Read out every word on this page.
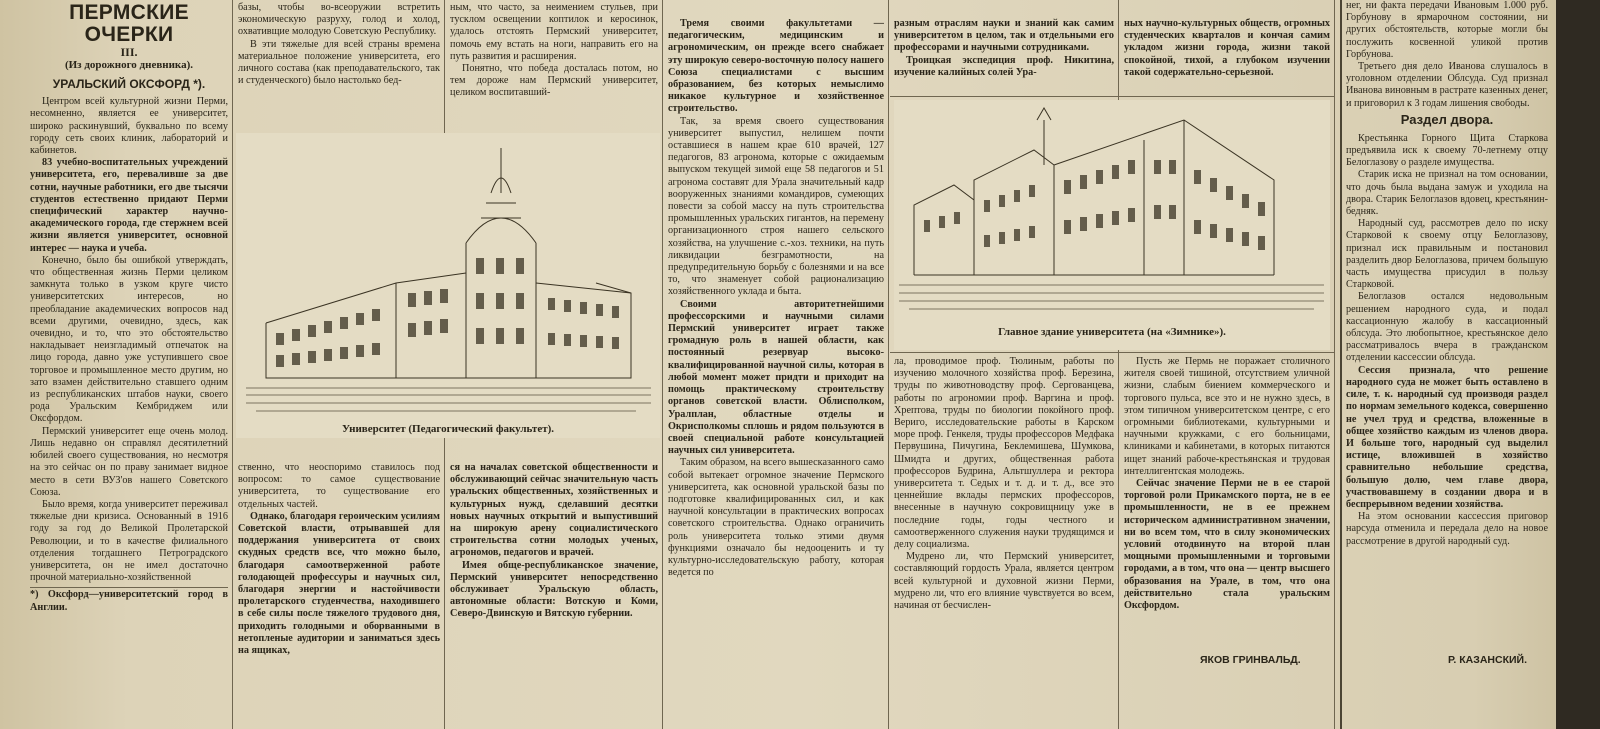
ПЕРМСКИЕ ОЧЕРКИ
III.
(Из дорожного дневника).
УРАЛЬСКИЙ ОКСФОРД *).

Центром всей культурной жизни Перми, несомненно, является ее университет, широко раскинувший, буквально по всему городу сеть своих клиник, лабораторий и кабинетов.

83 учебно-воспитательных учреждений университета, его, переваливше за две сотни, научные работники, его две тысячи студентов естественно придают Перми специфический характер научно-академического города, где стержнем всей жизни является университет, основной интерес — наука и учеба.

Конечно, было бы ошибкой утверждать, что общественная жизнь Перми целиком замкнута только в узком круге чисто университетских интересов, но преобладание академических вопросов над всеми другими, очевидно, здесь, как очевидно, и то, что это обстоятельство накладывает неизгладимый отпечаток на лицо города, давно уже уступившего свое торговое и промышленное место другим, но зато взамен действительно ставшего одним из республиканских штабов науки, своего рода Уральским Кембриджем или Оксфордом.

Пермский университет еще очень молод. Лишь недавно он справлял десятилетний юбилей своего существования, но несмотря на это сейчас он по праву занимает видное место в сети ВУЗ'ов нашего Советского Союза.

Было время, когда университет переживал тяжелые дни кризиса. Основанный в 1916 году за год до Великой Пролетарской Революции, и то в качестве филиального отделения тогдашнего Петроградского университета, он не имел достаточно прочной материально-хозяйственной

*) Оксфорд—университетский город в Англии.

базы, чтобы во-всеоружии встретить экономическую разруху, голод и холод, охвативщие молодую Советскую Республику.

В эти тяжелые для всей страны времена материальное положение университета, его личного состава (как преподавательского, так и студенческого) было настолько бед-

ным, что часто, за неимением стульев, при тусклом освещении коптилок и керосинок, удалось отстоять Пермский университет, помочь ему встать на ноги, направить его на путь развития и расширения.

Понятно, что победа досталась потом, но тем дороже нам Пермский университет, целиком воспитавший-

Университет (Педагогический факультет).

ственно, что неоспоримо ставилось под вопросом: то самое существование университета, то существование его отдельных частей.

Однако, благодаря героическим усилиям Советской власти, отрывавшей для поддержания университета от своих скудных средств все, что можно было, благодаря самоотверженной работе голодающей профессуры и научных сил, благодаря энергии и настойчивости пролетарского студенчества, находившего в себе силы после тяжелого трудового дня, приходить голодными и оборванными в нетопленые аудитории и заниматься здесь на ящиках,

ся на началах советской общественности и обслуживающий сейчас значительную часть уральских общественных, хозяйственных и культурных нужд, сделавший десятки новых научных открытий и выпустивший на широкую арену социалистического строительства сотни молодых ученых, агрономов, педагогов и врачей.

Имея обще-республиканское значение, Пермский университет непосредственно обслуживает Уральскую область, автономные области: Вотскую и Коми, Северо-Двинскую и Вятскую губернии.

Тремя своими факультетами — педагогическим, медицинским и агрономическим, он прежде всего снабжает эту широкую северо-восточную полосу нашего Союза специалистами с высшим образованием, без которых немыслимо никакое культурное и хозяйственное строительство.

Так, за время своего существования университет выпустил, нелишем почти оставшиеся в нашем крае 610 врачей, 127 педагогов, 83 агронома, которые с ожидаемым выпуском текущей зимой еще 58 педагогов и 51 агронома составят для Урала значительный кадр вооруженных знаниями командиров, сумеющих повести за собой массу на путь строительства промышленных уральских гигантов, на перемену организационного строя нашего сельского хозяйства, на улучшение с.-хоз. техники, на путь ликвидации безграмотности, на предупредительную борьбу с болезнями и на все то, что знаменует собой рационализацию хозяйственного уклада и быта.

Своими авторитетнейшими профессорскими и научными силами Пермский университет играет также громадную роль в нашей области, как постоянный резервуар высоко-квалифицированной научной силы, которая в любой момент может придти и приходит на помощь практическому строительству органов советской власти. Облисполком, Уралплан, областные отделы и Окрисполкомы сплошь и рядом пользуются в своей специальной работе консультацией научных сил университета.

Таким образом, на всего вышесказанного само собой вытекает огромное значение Пермского университета, как основной уральской базы по подготовке квалифицированных сил, и как научной консультации в практических вопросах советского строительства. Однако ограничить роль университета только этими двумя функциями означало бы недооценить и ту культурно-исследовательскую работу, которая ведется по

разным отраслям науки и знаний как самим университетом в целом, так и отдельными его профессорами и научными сотрудниками.

Троицкая экспедиция проф. Никитина, изучение калийных солей Ура-

ных научно-культурных обществ, огромных студенческих кварталов и кончая самим укладом жизни города, жизни такой спокойной, тихой, а глубоком изучении такой содержательно-серьезной.

Главное здание университета (на «Зимнике»).

ла, проводимое проф. Тюлиным, работы по изучению молочного хозяйства проф. Березина, труды по животноводству проф. Сергованцева, работы по агрономии проф. Варгина и проф. Хрептова, труды по биологии покойного проф. Вериго, исследовательские работы в Карском море проф. Генкеля, труды профессоров Медфака Первушина, Пичугина, Беклемишева, Шумкова, Шмидта и других, общественная работа профессоров Будрина, Альтшуллера и ректора университета т. Седых и т. д. и т. д., все это ценнейшие вклады пермских профессоров, внесенные в научную сокровищницу уже в последние годы, годы честного и самоотверженного служения науки трудящимся и делу социализма.

Мудрено ли, что Пермский университет, составляющий гордость Урала, является центром всей культурной и духовной жизни Перми, мудрено ли, что его влияние чувствуется во всем, начиная от бесчислен-

Пусть же Пермь не поражает столичного жителя своей тишиной, отсутствием уличной жизни, слабым биением коммерческого и торгового пульса, все это и не нужно здесь, в этом типичном университетском центре, с его огромными библиотеками, культурными и научными кружками, с его больницами, клиниками и кабинетами, в которых питаются ищет знаний рабоче-крестьянская и трудовая интеллигентская молодежь.

Сейчас значение Перми не в ее старой торговой роли Прикамского порта, не в ее промышленности, не в ее прежнем историческом административном значении, ни во всем том, что в силу экономических условий отодвинуто на второй план мощными промышленными и торговыми городами, а в том, что она — центр высшего образования на Урале, в том, что она действительно стала уральским Оксфордом.

ЯКОВ ГРИНВАЛЬД.

нег, ни факта передачи Ивановым 1.000 руб. Горбунову в ярмарочном состоянии, ни других обстоятельств, которые могли бы послужить косвенной уликой против Горбунова.

Третьего дня дело Иванова слушалось в уголовном отделении Облсуда. Суд признал Иванова виновным в растрате казенных денег, и приговорил к 3 годам лишения свободы.

Раздел двора.

Крестьянка Горного Щита Старкова предъявила иск к своему 70-летнему отцу Белоглазову о разделе имущества.

Старик иска не признал на том основании, что дочь была выдана замуж и уходила на двора. Старик Белоглазов вдовец, крестьянин-бедняк.

Народный суд, рассмотрев дело по иску Старковой к своему отцу Белоглазову, признал иск правильным и постановил разделить двор Белоглазова, причем большую часть имущества присудил в пользу Старковой.

Белоглазов остался недовольным решением народного суда, и подал кассационную жалобу в кассационный облсуда. Это любопытное, крестьянское дело рассматривалось вчера в гражданском отделении кассессии облсуда.

Сессия признала, что решение народного суда не может быть оставлено в силе, т. к. народный суд производя раздел по нормам земельного кодекса, совершенно не учел труд и средства, вложенные в общее хозяйство каждым из членов двора. И больше того, народный суд выделил истице, вложившей в хозяйство сравнительно небольшие средства, большую долю, чем главе двора, участвовавшему в создании двора и в беспрерывном ведении хозяйства.

На этом основании кассессия приговор нарсуда отменила и передала дело на новое рассмотрение в другой народный суд.

Р. КАЗАНСКИЙ.
